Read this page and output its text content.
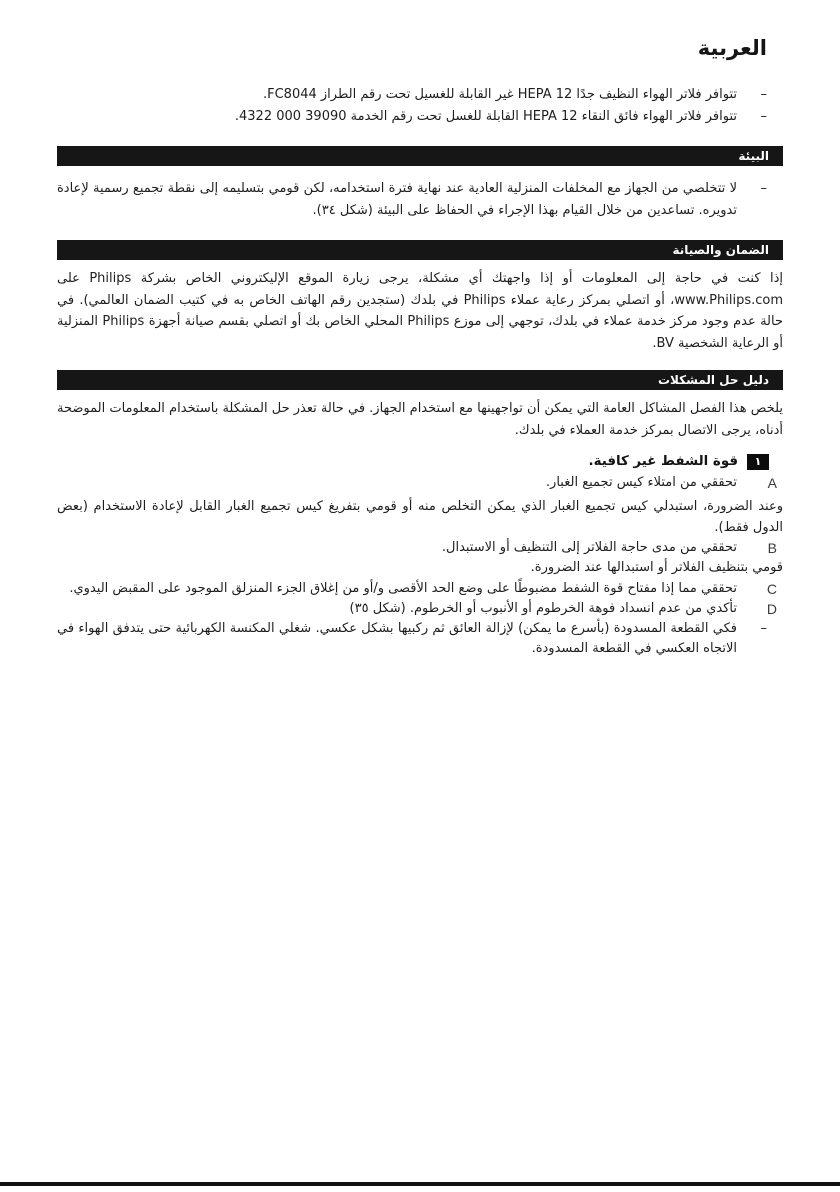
العربية
–
تتوافر فلاتر الهواء النظيف جدًا HEPA 12 غير القابلة للغسيل تحت رقم الطراز FC8044.
–
تتوافر فلاتر الهواء فائق النقاء HEPA 12 القابلة للغسل تحت رقم الخدمة ‪4322 000 39090‬.
البيئة
–
لا تتخلصي من الجهاز مع المخلفات المنزلية العادية عند نهاية فترة استخدامه، لكن قومي بتسليمه إلى نقطة تجميع رسمية لإعادة تدويره. تساعدين من خلال القيام بهذا الإجراء في الحفاظ على البيئة (شكل ٣٤).
الضمان والصيانة

إذا كنت في حاجة إلى المعلومات أو إذا واجهتك أي مشكلة، يرجى زيارة الموقع الإليكتروني الخاص بشركة Philips على www.Philips.com، أو اتصلي بمركز رعاية عملاء Philips في بلدك (ستجدين رقم الهاتف الخاص به في كتيب الضمان العالمي). في حالة عدم وجود مركز خدمة عملاء في بلدك، توجهي إلى موزع Philips المحلي الخاص بك أو اتصلي بقسم صيانة أجهزة Philips المنزلية أو الرعاية الشخصية BV.

دليل حل المشكلات

يلخص هذا الفصل المشاكل العامة التي يمكن أن تواجهينها مع استخدام الجهاز. في حالة تعذر حل المشكلة باستخدام المعلومات الموضحة أدناه، يرجى الاتصال بمركز خدمة العملاء في بلدك.

١
قوة الشفط غير كافية.
A
تحققي من امتلاء كيس تجميع الغبار.

وعند الضرورة، استبدلي كيس تجميع الغبار الذي يمكن التخلص منه أو قومي بتفريغ كيس تجميع الغبار القابل لإعادة الاستخدام (بعض الدول فقط).

B
تحققي من مدى حاجة الفلاتر إلى التنظيف أو الاستبدال.

قومي بتنظيف الفلاتر أو استبدالها عند الضرورة.

C
تحققي مما إذا مفتاح قوة الشفط مضبوطًا على وضع الحد الأقصى و/أو من إغلاق الجزء المنزلق الموجود على المقبض اليدوي.
D
تأكدي من عدم انسداد فوهة الخرطوم أو الأنبوب أو الخرطوم. (شكل ٣٥)
–
فكي القطعة المسدودة (بأسرع ما يمكن) لإزالة العائق ثم ركبيها بشكل عكسي. شغلي المكنسة الكهربائية حتى يتدفق الهواء في الاتجاه العكسي في القطعة المسدودة.
